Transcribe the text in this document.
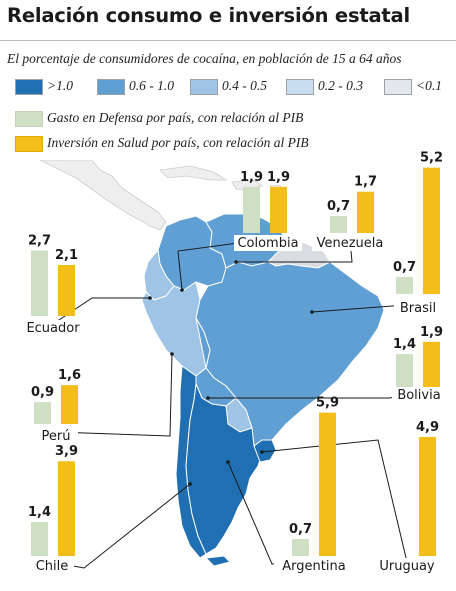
Relación consumo e inversión estatal
El porcentaje de consumidores de cocaína, en población de 15 a 64 años
>1.0	0.6 - 1.0	0.4 - 0.5	0.2 - 0.3	<0.1
Gasto en Defensa por país, con relación al PIB
Inversión en Salud por país, con relación al PIB
1,9 1,9
0,7
1,7
0,7
5,2
2,7
2,1
1,4
1,9
0,9
1,6
1,4
3,9
0,7
5,9
4,9
Colombia Venezuela
Brasil
Ecuador
Bolivia
Perú
Chile	Argentina	Uruguay
